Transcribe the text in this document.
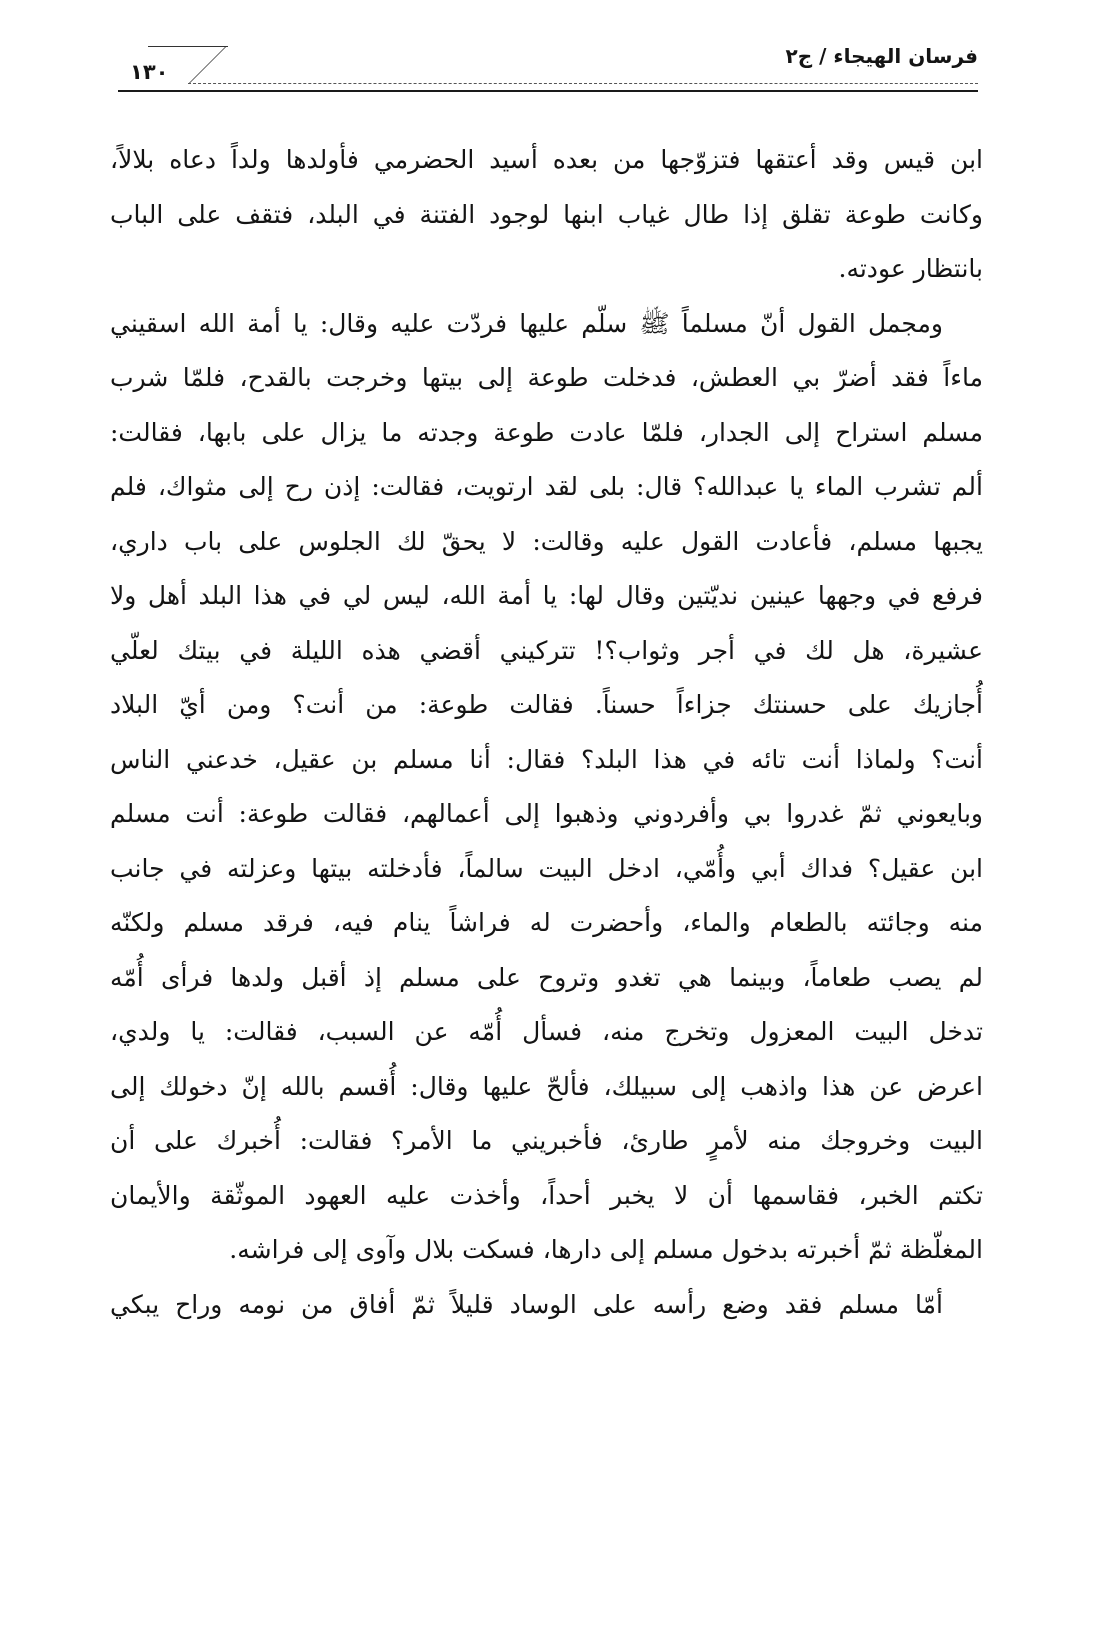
فرسان الهيجاء / ج٢
١٣٠
ابن قيس وقد أعتقها فتزوّجها من بعده أسيد الحضرمي فأولدها ولداً دعاه بلالاً،
وكانت طوعة تقلق إذا طال غياب ابنها لوجود الفتنة في البلد، فتقف على الباب
بانتظار عودته.
ومجمل القول أنّ مسلماً ﷺ سلّم عليها فردّت عليه وقال: يا أمة الله اسقيني
ماءاً فقد أضرّ بي العطش، فدخلت طوعة إلى بيتها وخرجت بالقدح، فلمّا شرب
مسلم استراح إلى الجدار، فلمّا عادت طوعة وجدته ما يزال على بابها، فقالت:
ألم تشرب الماء يا عبدالله؟ قال: بلى لقد ارتويت، فقالت: إذن رح إلى مثواك، فلم
يجبها مسلم، فأعادت القول عليه وقالت: لا يحقّ لك الجلوس على باب داري،
فرفع في وجهها عينين نديّتين وقال لها: يا أمة الله، ليس لي في هذا البلد أهل ولا
عشيرة، هل لك في أجر وثواب؟! تتركيني أقضي هذه الليلة في بيتك لعلّي
أُجازيك على حسنتك جزاءاً حسناً. فقالت طوعة: من أنت؟ ومن أيّ البلاد
أنت؟ ولماذا أنت تائه في هذا البلد؟ فقال: أنا مسلم بن عقيل، خدعني الناس
وبايعوني ثمّ غدروا بي وأفردوني وذهبوا إلى أعمالهم، فقالت طوعة: أنت مسلم
ابن عقيل؟ فداك أبي وأُمّي، ادخل البيت سالماً، فأدخلته بيتها وعزلته في جانب
منه وجائته بالطعام والماء، وأحضرت له فراشاً ينام فيه، فرقد مسلم ولكنّه
لم يصب طعاماً، وبينما هي تغدو وتروح على مسلم إذ أقبل ولدها فرأى أُمّه
تدخل البيت المعزول وتخرج منه، فسأل أُمّه عن السبب، فقالت: يا ولدي،
اعرض عن هذا واذهب إلى سبيلك، فألحّ عليها وقال: أُقسم بالله إنّ دخولك إلى
البيت وخروجك منه لأمرٍ طارئ، فأخبريني ما الأمر؟ فقالت: أُخبرك على أن
تكتم الخبر، فقاسمها أن لا يخبر أحداً، وأخذت عليه العهود الموثّقة والأيمان
المغلّظة ثمّ أخبرته بدخول مسلم إلى دارها، فسكت بلال وآوى إلى فراشه.
أمّا مسلم فقد وضع رأسه على الوساد قليلاً ثمّ أفاق من نومه وراح يبكي
